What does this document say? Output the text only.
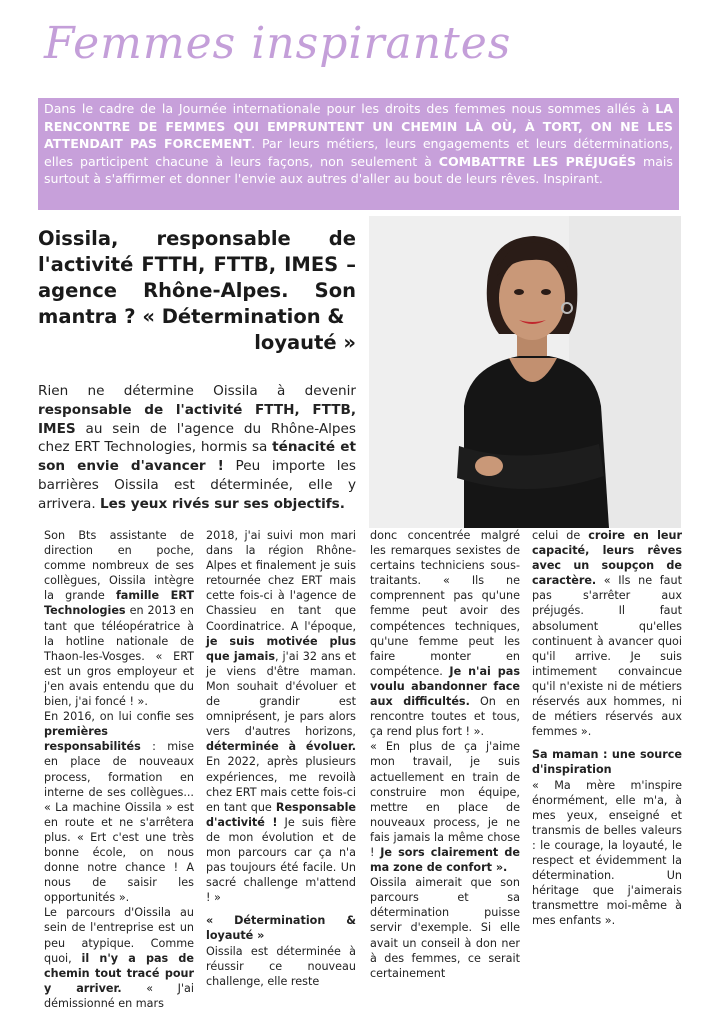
Femmes inspirantes
Dans le cadre de la Journée internationale pour les droits des femmes nous sommes allés à LA RENCONTRE DE FEMMES QUI EMPRUNTENT UN CHEMIN LÀ OÙ, À TORT, ON NE LES ATTENDAIT PAS FORCEMENT. Par leurs métiers, leurs engagements et leurs déterminations, elles participent chacune à leurs façons, non seulement à COMBATTRE LES PRÉJUGÉS mais surtout à s'affirmer et donner l'envie aux autres d'aller au bout de leurs rêves. Inspirant.
Oissila, responsable de l'activité FTTH, FTTB, IMES – agence Rhône-Alpes. Son mantra ? « Détermination &
loyauté »
Rien ne détermine Oissila à devenir responsable de l'activité FTTH, FTTB, IMES au sein de l'agence du Rhône-Alpes chez ERT Technologies, hormis sa ténacité et son envie d'avancer ! Peu importe les barrières Oissila est déterminée, elle y arrivera. Les yeux rivés sur ses objectifs.

Son Bts assistante de direction en poche, comme nombreux de ses collègues, Oissila intègre la grande famille ERT Technologies en 2013 en tant que téléopératrice à la hotline nationale de Thaon-les-Vosges. « ERT est un gros employeur et j'en avais entendu que du bien, j'ai foncé ! ».

En 2016, on lui confie ses premières responsabilités : mise en place de nouveaux process, formation en interne de ses collègues... « La machine Oissila » est en route et ne s'arrêtera plus. « Ert c'est une très bonne école, on nous donne notre chance ! A nous de saisir les opportunités ».

Le parcours d'Oissila au sein de l'entreprise est un peu atypique. Comme quoi, il n'y a pas de chemin tout tracé pour y arriver. « J'ai démissionné en mars

2018, j'ai suivi mon mari dans la région Rhône-Alpes et finalement je suis retournée chez ERT mais cette fois-ci à l'agence de Chassieu en tant que Coordinatrice. A l'époque, je suis motivée plus que jamais, j'ai 32 ans et je viens d'être maman. Mon souhait d'évoluer et de grandir est omniprésent, je pars alors vers d'autres horizons, déterminée à évoluer. En 2022, après plusieurs expériences, me revoilà chez ERT mais cette fois-ci en tant que Responsable d'activité ! Je suis fière de mon évolution et de mon parcours car ça n'a pas toujours été facile. Un sacré challenge m'attend ! »

« Détermination & loyauté »

Oissila est déterminée à réussir ce nouveau challenge, elle reste

donc concentrée malgré les remarques sexistes de certains techniciens sous-traitants. « Ils ne comprennent pas qu'une femme peut avoir des compétences techniques, qu'une femme peut les faire monter en compétence. Je n'ai pas voulu abandonner face aux difficultés. On en rencontre toutes et tous, ça rend plus fort ! ».

« En plus de ça j'aime mon travail, je suis actuellement en train de construire mon équipe, mettre en place de nouveaux process, je ne fais jamais la même chose ! Je sors clairement de ma zone de confort ».

Oissila aimerait que son parcours et sa détermination puisse servir d'exemple. Si elle avait un conseil à don ner à des femmes, ce serait certainement

celui de croire en leur capacité, leurs rêves avec un soupçon de caractère. « Ils ne faut pas s'arrêter aux préjugés. Il faut absolument qu'elles continuent à avancer quoi qu'il arrive. Je suis intimement convaincue qu'il n'existe ni de métiers réservés aux hommes, ni de métiers réservés aux femmes ».

Sa maman : une source d'inspiration

« Ma mère m'inspire énormément, elle m'a, à mes yeux, enseigné et transmis de belles valeurs : le courage, la loyauté, le respect et évidemment la détermination. Un héritage que j'aimerais transmettre moi-même à mes enfants ».
